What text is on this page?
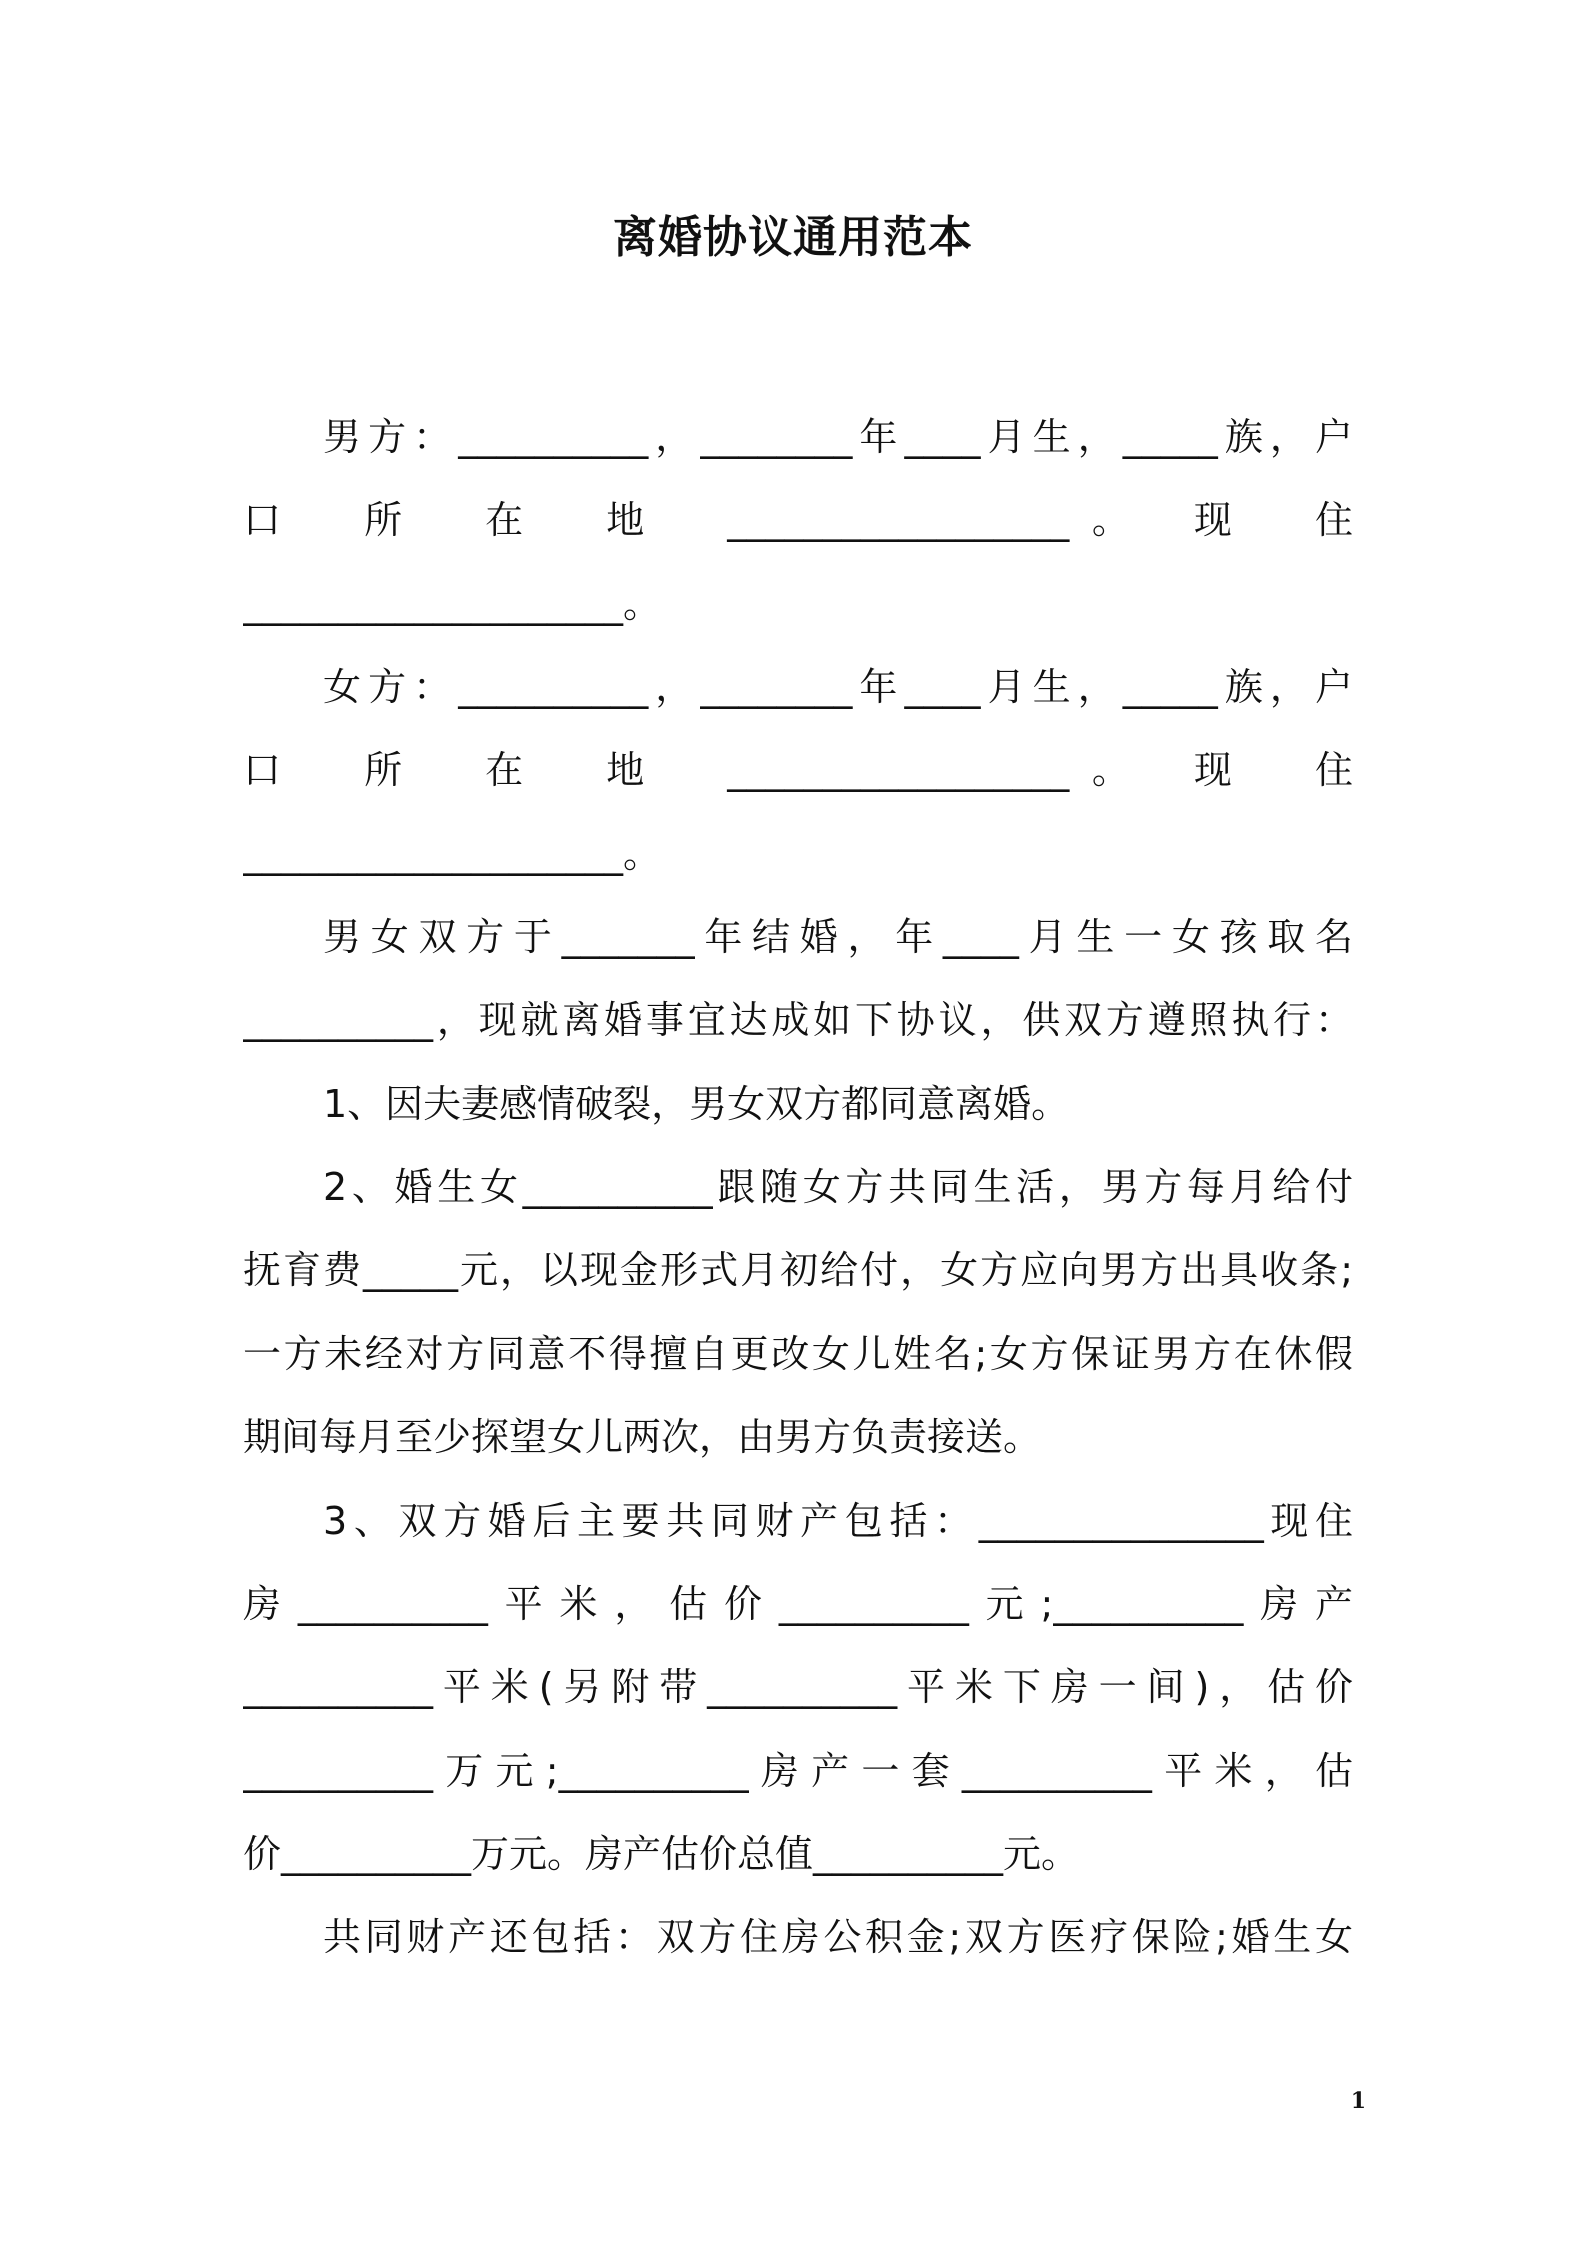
离婚协议通用范本
男方：__________，________年____月生，_____族，户
口　所　在　地　__________________。　现　住
____________________。
女方：__________，________年____月生，_____族，户
口　所　在　地　__________________。　现　住
____________________。
男女双方于_______年结婚，年____月生一女孩取名
__________，现就离婚事宜达成如下协议，供双方遵照执行：
1、因夫妻感情破裂，男女双方都同意离婚。
2、婚生女__________跟随女方共同生活，男方每月给付
抚育费_____元，以现金形式月初给付，女方应向男方出具收条;
一方未经对方同意不得擅自更改女儿姓名;女方保证男方在休假
期间每月至少探望女儿两次，由男方负责接送。
3、双方婚后主要共同财产包括：_______________现住
房__________平米，估价__________元;__________房产
__________平米(另附带__________平米下房一间)，估价
__________万元;__________房产一套__________平米，估
价__________万元。房产估价总值__________元。
共同财产还包括：双方住房公积金;双方医疗保险;婚生女
1
